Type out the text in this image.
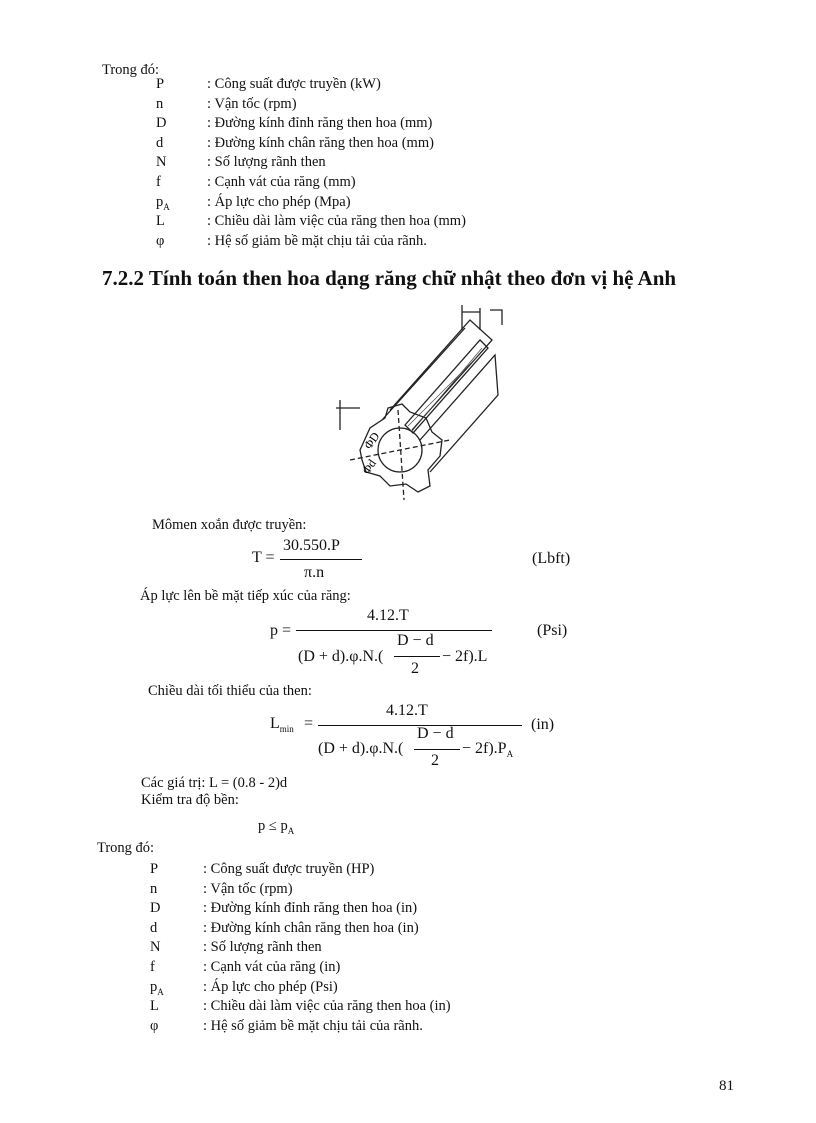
Trong đó:
P	: Công suất được truyền (kW)
n	: Vận tốc (rpm)
D	: Đường kính đỉnh răng then hoa (mm)
d	: Đường kính chân răng then hoa (mm)
N	: Số lượng rãnh then
f	: Cạnh vát của răng (mm)
$p_A$	: Áp lực cho phép (Mpa)
L	: Chiều dài làm việc của răng then hoa (mm)
φ	: Hệ số giảm bề mặt chịu tải của rãnh.
7.2.2 Tính toán then hoa dạng răng chữ nhật theo đơn vị hệ Anh
ΦD
Φd
Mômen xoắn được truyền:
T =
30.550.P
π.n
(Lbft)
Áp lực lên bề mặt tiếp xúc của răng:
p =
4.12.T
(D + d).φ.N.(
D − d
2
− 2f).L
(Psi)
Chiều dài tối thiểu của then:
$L_{min}$ =
4.12.T
(D + d).φ.N.(
D − d
2
− $2f).P_A$
(in)
Các giá trị: L = (0.8 - 2)d
Kiểm tra độ bền:
$p \le p_A$
Trong đó:
P	: Công suất được truyền (HP)
n	: Vận tốc (rpm)
D	: Đường kính đỉnh răng then hoa (in)
d	: Đường kính chân răng then hoa (in)
N	: Số lượng rãnh then
f	: Cạnh vát của răng (in)
$p_A$	: Áp lực cho phép (Psi)
L	: Chiều dài làm việc của răng then hoa (in)
φ	: Hệ số giảm bề mặt chịu tải của rãnh.
81
